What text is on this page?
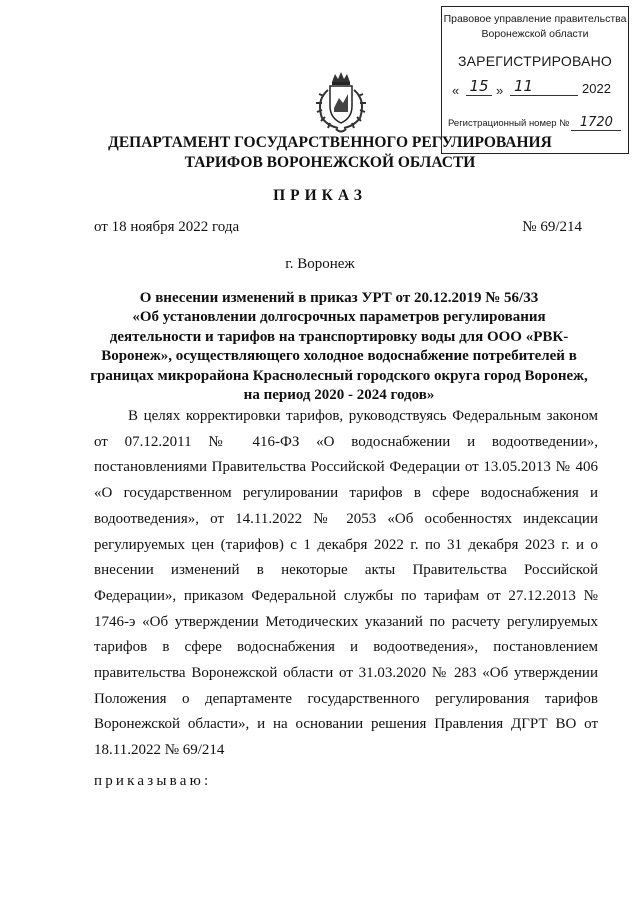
Правовое управление правительства
Воронежской области
ЗАРЕГИСТРИРОВАНО
« 15 » 11	2022
Регистрационный номер № 1720
ДЕПАРТАМЕНТ ГОСУДАРСТВЕННОГО РЕГУЛИРОВАНИЯ
ТАРИФОВ ВОРОНЕЖСКОЙ ОБЛАСТИ
ПРИКАЗ
от 18 ноября 2022 года	№ 69/214
г. Воронеж
О внесении изменений в приказ УРТ от 20.12.2019 № 56/33
«Об установлении долгосрочных параметров регулирования
деятельности и тарифов на транспортировку воды для ООО «РВК-
Воронеж», осуществляющего холодное водоснабжение потребителей в
границах микрорайона Краснолесный городского округа город Воронеж,
на период 2020 - 2024 годов»
В целях корректировки тарифов, руководствуясь Федеральным законом
от 07.12.2011 № 416-ФЗ «О водоснабжении и водоотведении»,
постановлениями Правительства Российской Федерации от 13.05.2013 № 406
«О государственном регулировании тарифов в сфере водоснабжения и
водоотведения», от 14.11.2022 № 2053 «Об особенностях индексации
регулируемых цен (тарифов) с 1 декабря 2022 г. по 31 декабря 2023 г. и о
внесении изменений в некоторые акты Правительства Российской
Федерации», приказом Федеральной службы по тарифам от 27.12.2013 №
1746-э «Об утверждении Методических указаний по расчету регулируемых
тарифов в сфере водоснабжения и водоотведения», постановлением
правительства Воронежской области от 31.03.2020 № 283 «Об утверждении
Положения о департаменте государственного регулирования тарифов
Воронежской области», и на основании решения Правления ДГРТ ВО от
18.11.2022 № 69/214
приказываю:
